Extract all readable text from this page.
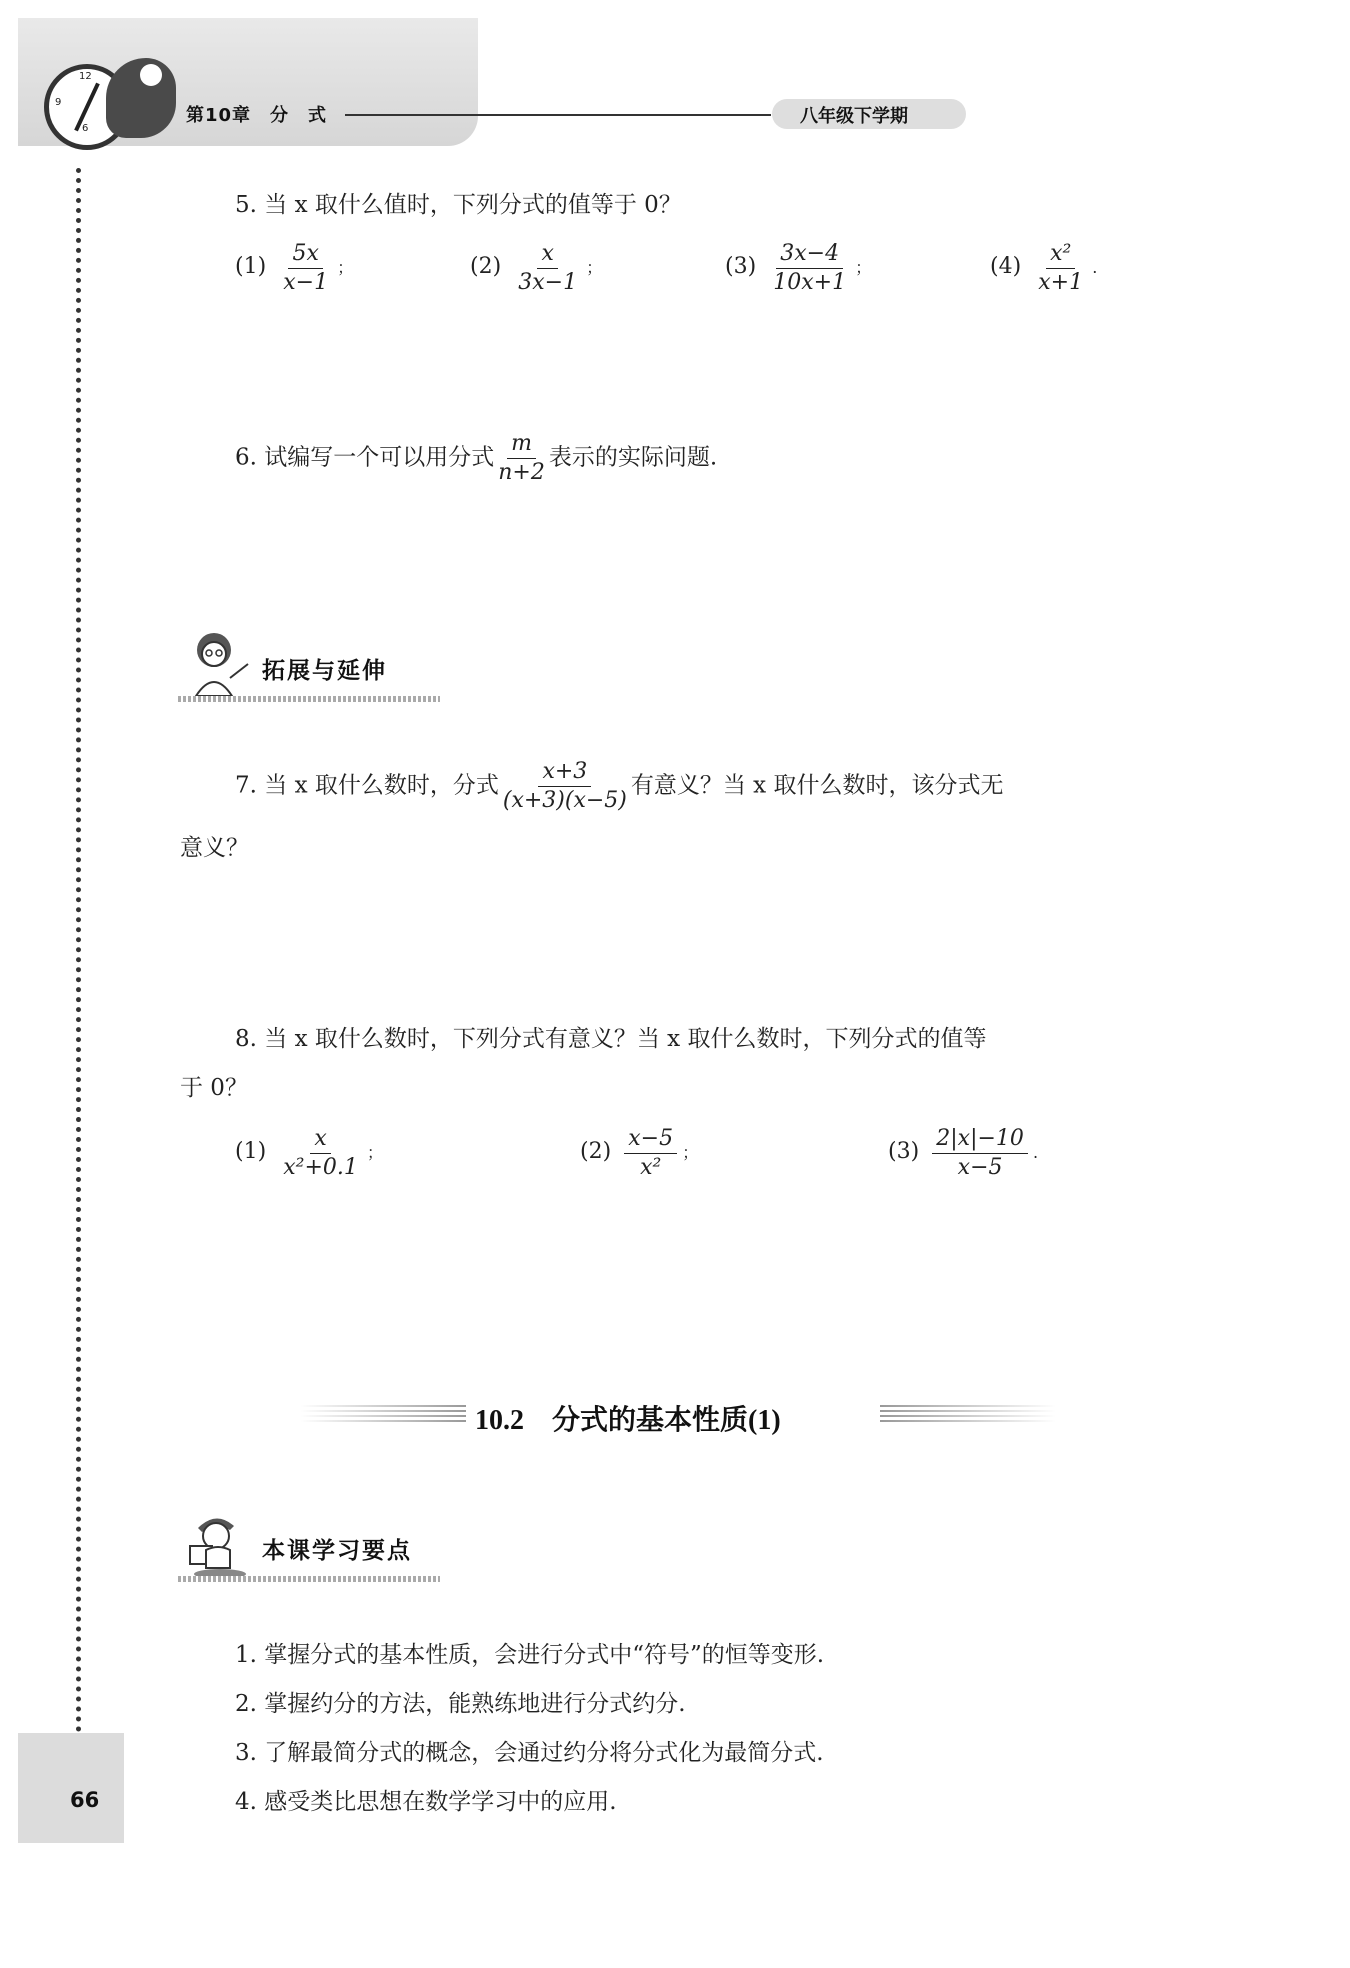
12
6
9
第10章　分　式	八年级下学期
66
5. 当 x 取什么值时，下列分式的值等于 0？
$(1) \frac{5x}{x-1}$ ；	$(2) \frac{x}{3x-1}$ ；	$(3) \frac{3x-4}{10x+1}$ ；	$(4) \frac{\text{x²}}{x+1}$ .
6. 试编写一个可以用分式 $\frac{m}{n+2}$ 表示的实际问题.
拓展与延伸
7. 当 x 取什么数时，分式 $\frac{x+3}{(x+3)(x-5)}$ 有意义？当 x 取什么数时，该分式无
意义？
8. 当 x 取什么数时，下列分式有意义？当 x 取什么数时，下列分式的值等
于 0？
$(1) \frac{x}{\text{x²+0.1}}$ ；	$(2) \frac{x-5}{\text{x²}}$ ；	$(3) \frac{2|x|-10}{x-5}$ .
10.2　分式的基本性质(1)
本课学习要点
1. 掌握分式的基本性质，会进行分式中“符号”的恒等变形.
2. 掌握约分的方法，能熟练地进行分式约分.
3. 了解最简分式的概念，会通过约分将分式化为最简分式.
4. 感受类比思想在数学学习中的应用.
